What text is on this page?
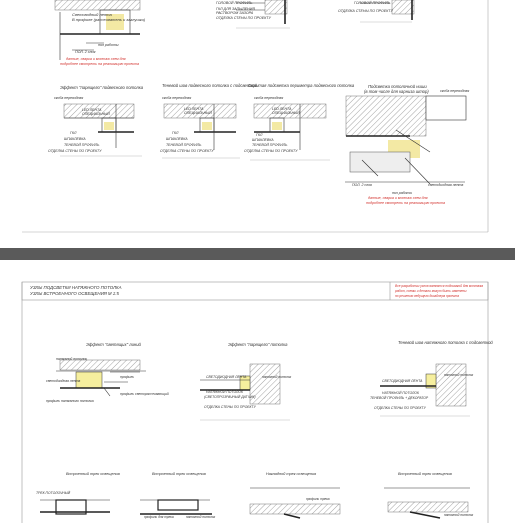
Световодный лента
В профиле (рассеиватель и заглушки)
пол работы
ПОЛ. 2 слоя
данные, сварка и монтаж схем для
подробнее смотреть на реализацию проекта
ГОЛОВОЙ ПРОФИЛЬ
ГКЛ ДЛЯ ЗАПЫЛЕНИЯ
РАСТВОРОМ ЗАЗОРА
ОТДЕЛКА СТЕНЫ ПО ПРОЕКТУ
ГОЛОВОЙ ПРОФИЛЬ
ОТДЕЛКА СТЕНЫ ПО ПРОЕКТУ
Эффект "парящего" подвесного потолка
скоба переходная
LED ЛЕНТА
ОПЕЦИАЛЬНЫЙ
ГКЛ
ШПАКЛЕВКА
ТЕНЕВОЙ ПРОФИЛЬ
ОТДЕЛКА СТЕНЫ ПО ПРОЕКТУ
Теневой шов подвесного потолка с подсветкой
скоба переходная
LED ЛЕНТА
ОПЕЦИАЛЬНЫЙ
ГКЛ
ШПАКЛЕВКА
ТЕНЕВОЙ ПРОФИЛЬ
ОТДЕЛКА СТЕНЫ ПО ПРОЕКТУ
Скрытая подсветка периметра подвесного потолка
скоба переходная
LED ЛЕНТА
ОПЕЦИАЛЬНЫЙ
ГКЛ
ШПАКЛЕВКА
ТЕНЕВОЙ ПРОФИЛЬ
ОТДЕЛКА СТЕНЫ ПО ПРОЕКТУ
Подсветка потолочной ниши
(в том числе для карниза штор)	скоба переходная
светодиодная лента
пол работы
ПОЛ. 2 слоя
данные, сварка и монтаж схем для
подробнее смотреть на реализацию проекта
УЗЛЫ ПОДСВЕТКИ НАТЯЖНОГО ПОТОЛКА
УЗЛЫ ВСТРОЕННОГО ОСВЕЩЕНИЯ М 1:5
Все разработки узлов являются подсказкой для монтажа
работ, схемы и детали могут быть изменены
по решению ведущего дизайнера проекта
Эффект "светящих" линий
натяжной потолок
светодиодная лента
профиль
профиль светорассеивающий
профиль натяжного потолка
Эффект "парящего" потолка
СВЕТОДИОДНАЯ ЛЕНТА
НАТЯЖНОЙ ПОТОЛОК
(СВЕТОПРОЗРАЧНЫЙ ДАТЧИК)
ОТДЕЛКА СТЕНЫ ПО ПРОЕКТУ
натяжной потолок
Теневой шов натяжного потолка с подсветкой
СВЕТОДИОДНАЯ ЛЕНТА
НАТЯЖНОЙ ПОТОЛОК
ТЕНЕВОЙ ПРОФИЛЬ + ДЕКОРАТОР
ОТДЕЛКА СТЕНЫ ПО ПРОЕКТУ
натяжной потолок
Встроенный трек освещения	Встроенный трек освещения	Накладной трек освещения	Встроенный трек освещения
ТРЕК ПОТОЛОЧНЫЙ
профиль для трека	натяжной потолок
профиль трека
натяжной потолок
